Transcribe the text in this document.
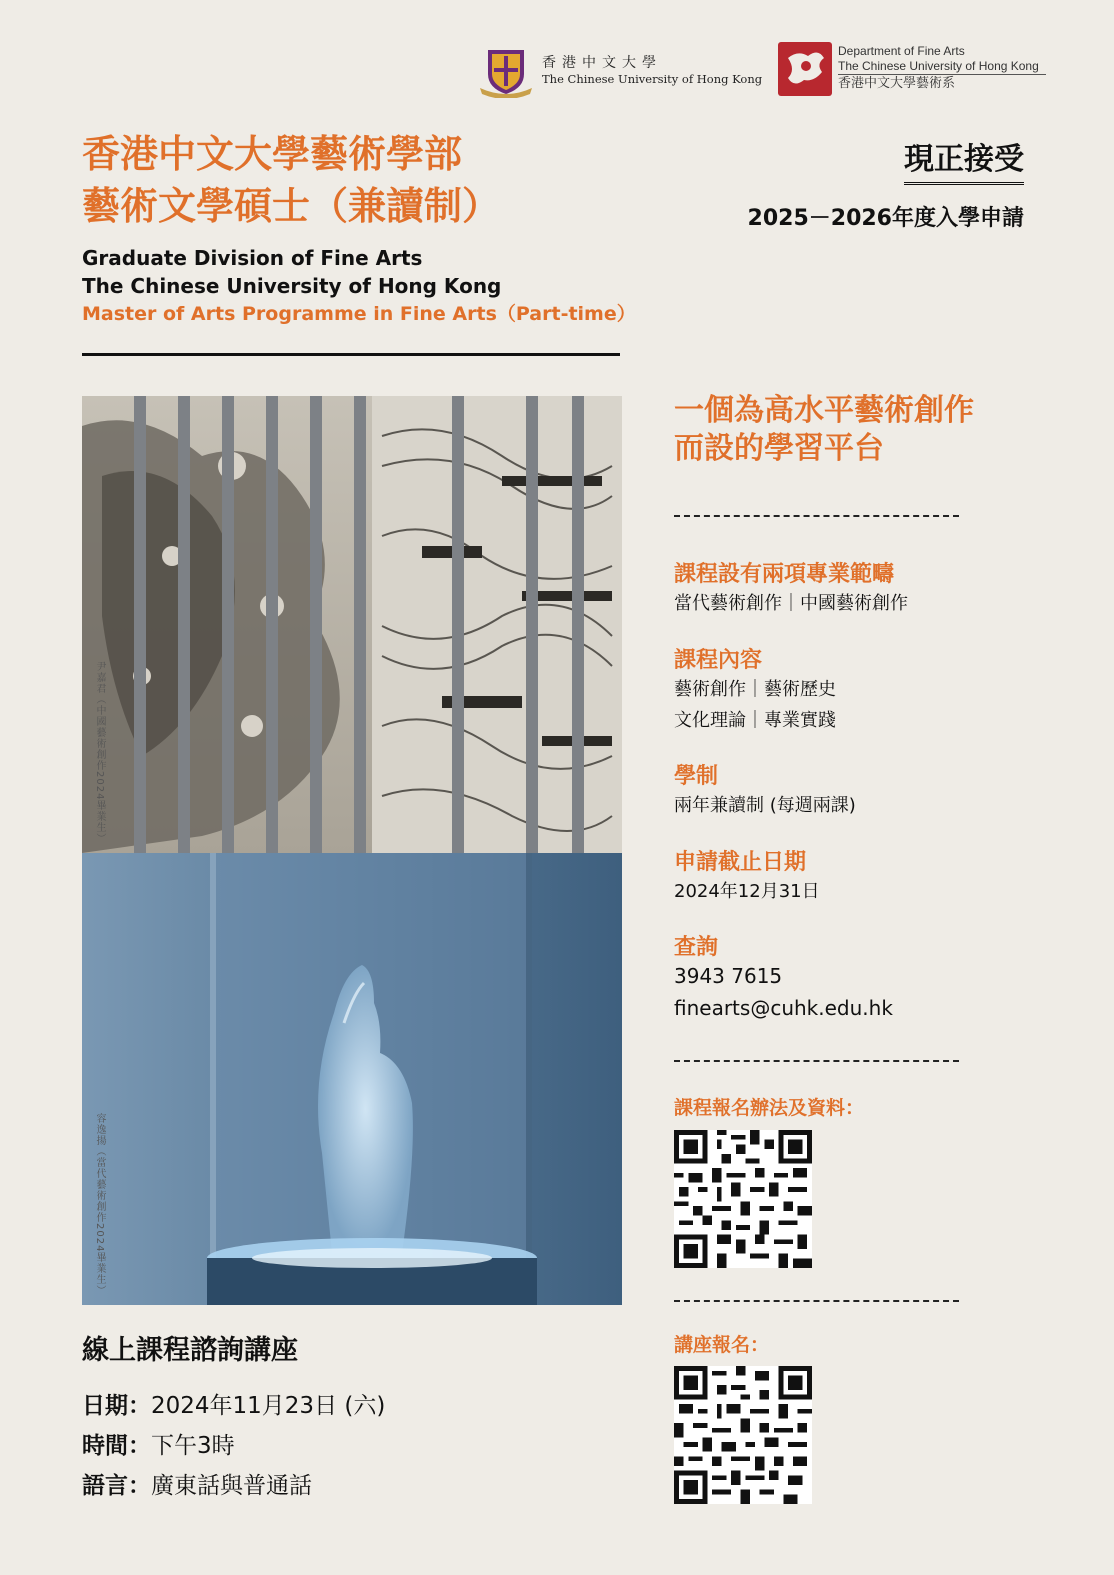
香港中文大學
The Chinese University of Hong Kong
Department of Fine Arts
The Chinese University of Hong Kong
香港中文大學藝術系
香港中文大學藝術學部
藝術文學碩士（兼讀制）
Graduate Division of Fine Arts
The Chinese University of Hong Kong
Master of Arts Programme in Fine Arts（Part-time）
現正接受
2025－2026年度入學申請
尹嘉君（中國藝術創作2024畢業生）
容逸揚（當代藝術創作2024畢業生）
一個為高水平藝術創作
而設的學習平台
課程設有兩項專業範疇
當代藝術創作｜中國藝術創作
課程內容
藝術創作｜藝術歷史
文化理論｜專業實踐
學制
兩年兼讀制 (每週兩課)
申請截止日期
2024年12月31日
查詢
3943 7615
finearts@cuhk.edu.hk
課程報名辦法及資料：
講座報名：
線上課程諮詢講座
日期：2024年11月23日 (六)
時間：下午3時
語言：廣東話與普通話
